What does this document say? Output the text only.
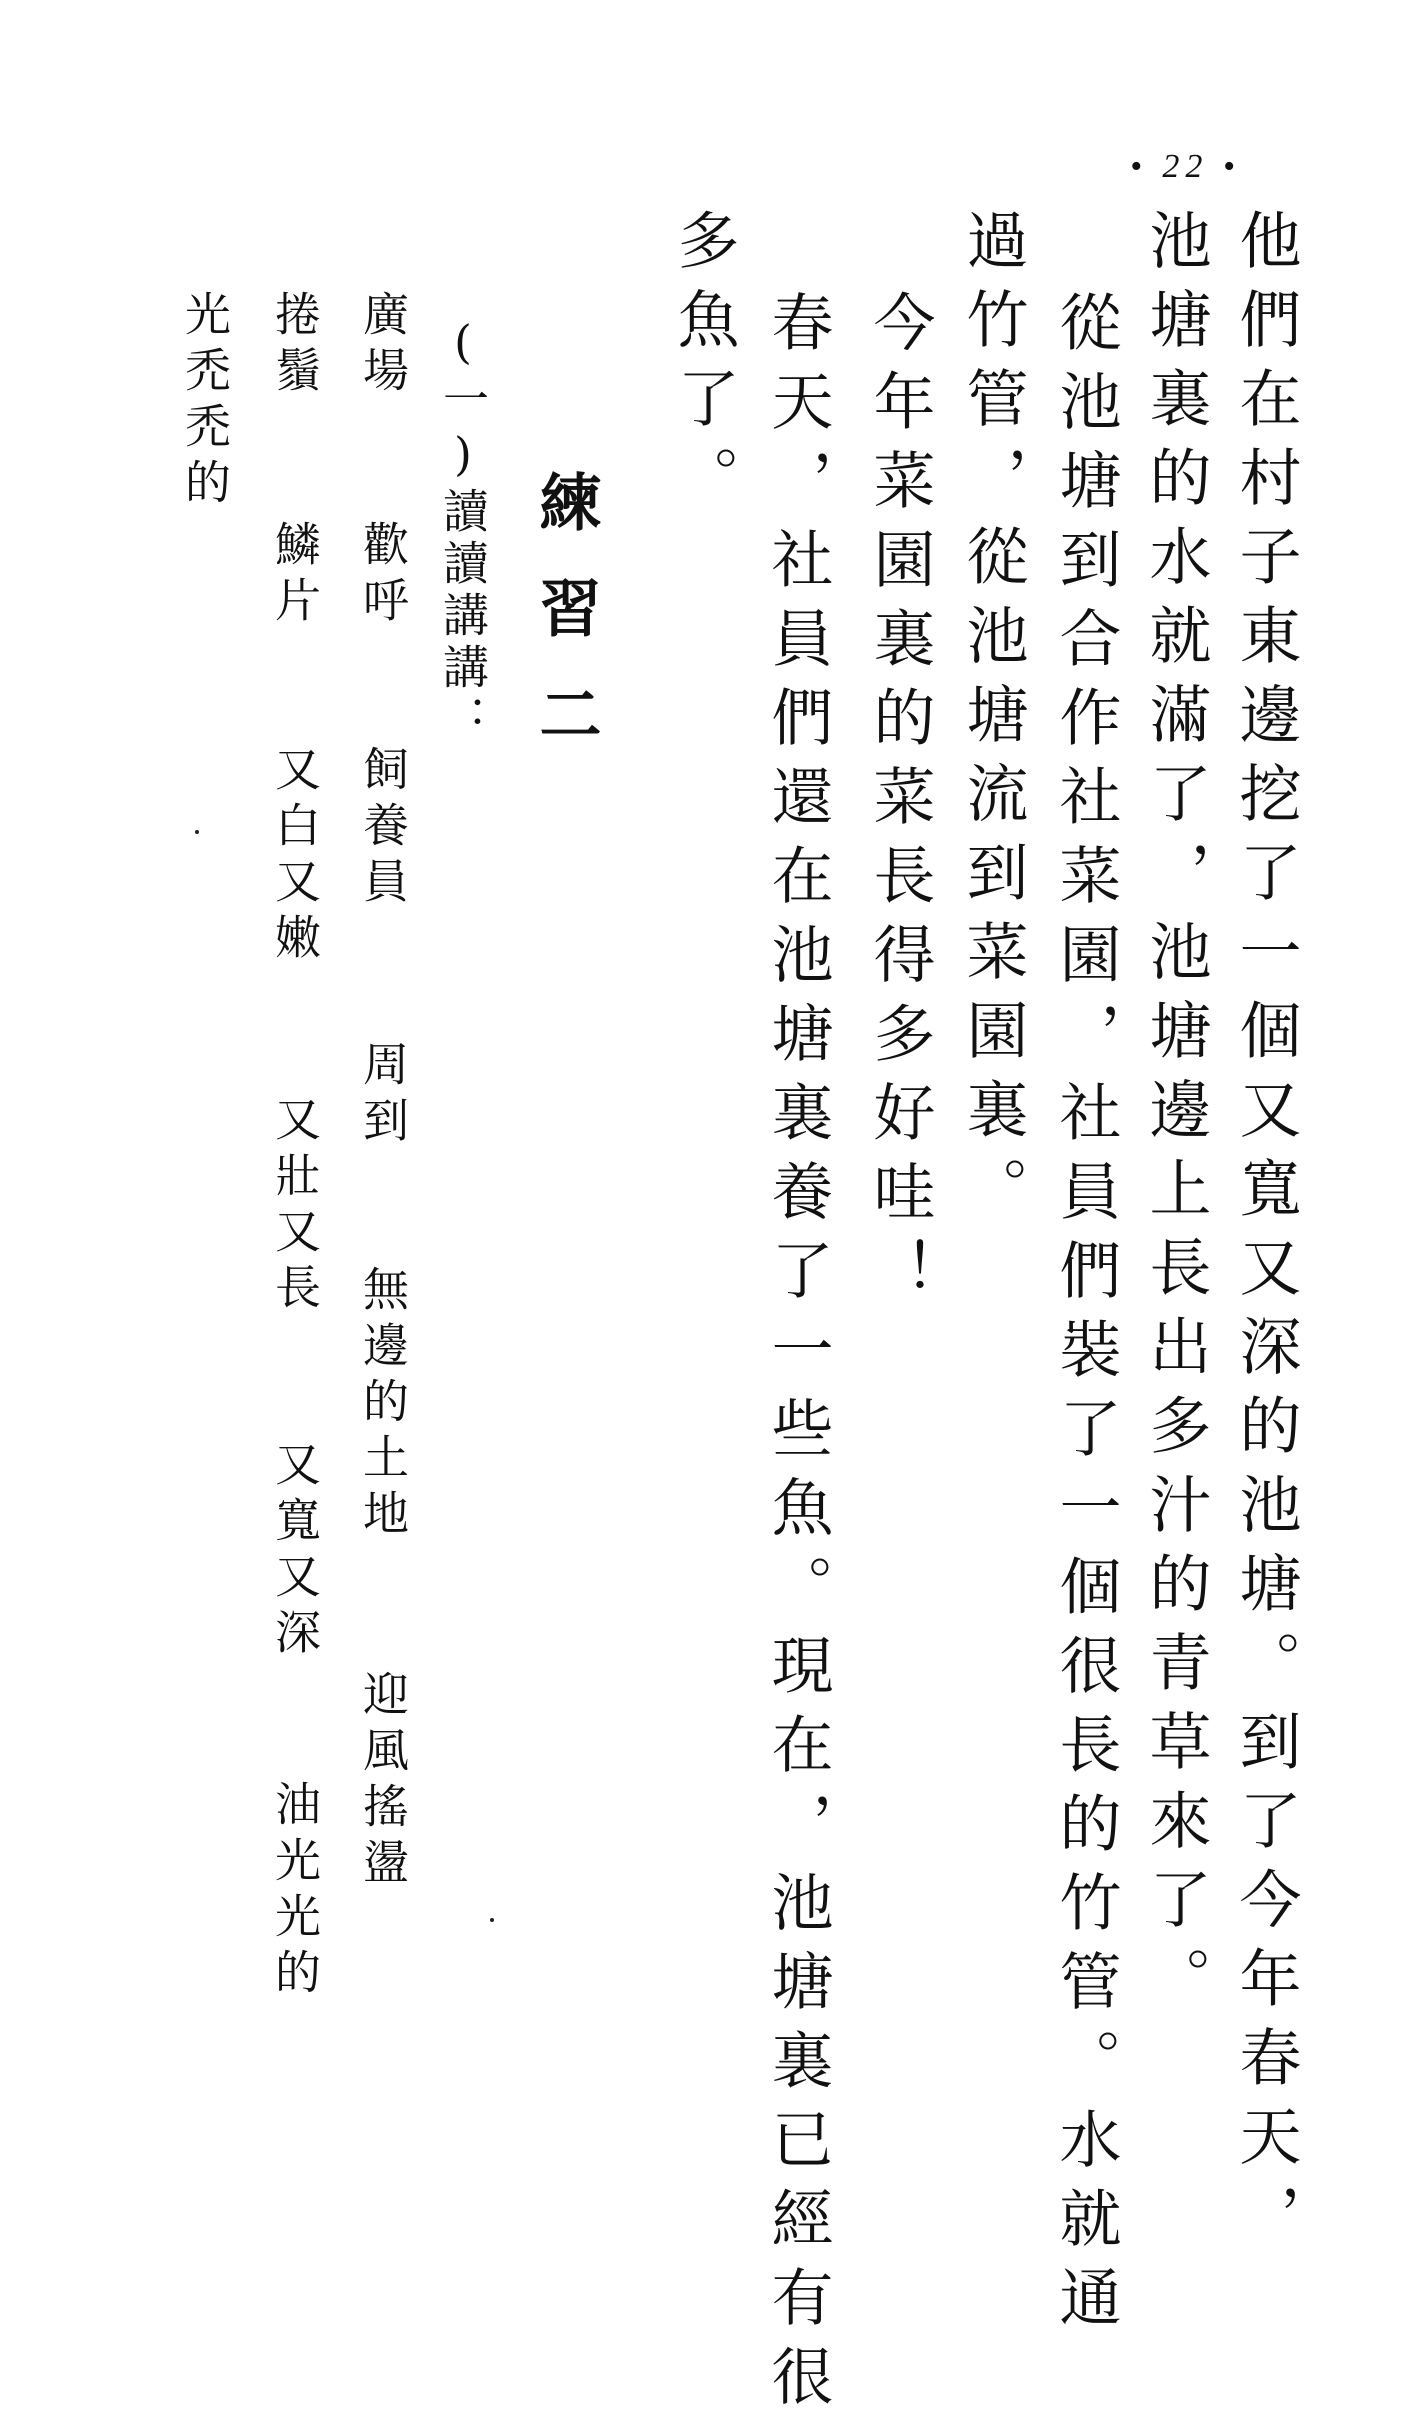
• 22 •
他們在村子東邊挖了一個又寬又深的池塘。到了今年春天，
池塘裏的水就滿了，池塘邊上長出多汁的青草來了。
從池塘到合作社菜園，社員們裝了一個很長的竹管。水就通
過竹管，從池塘流到菜園裏。
今年菜園裏的菜長得多好哇！
春天，社員們還在池塘裏養了一些魚。現在，池塘裏已經有很
多魚了。
練習二
(一)讀讀講講：
廣場
歡呼
飼養員
周到
無邊的土地
迎風搖盪
捲鬚
鱗片
又白又嫩
又壯又長
又寬又深
油光光的
光禿禿的
